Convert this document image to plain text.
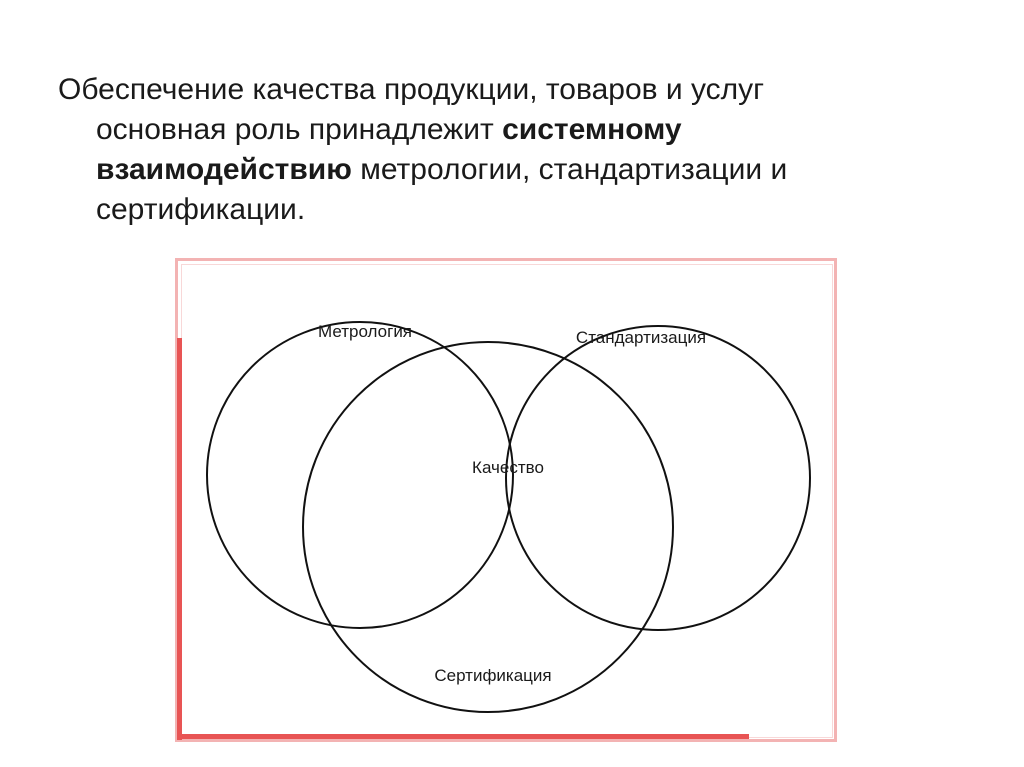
Обеспечение качества продукции, товаров и услуг
основная роль принадлежит системному
взаимодействию метрологии, стандартизации и
сертификации.
Метрология	Стандартизация
Качество
Сертификация
